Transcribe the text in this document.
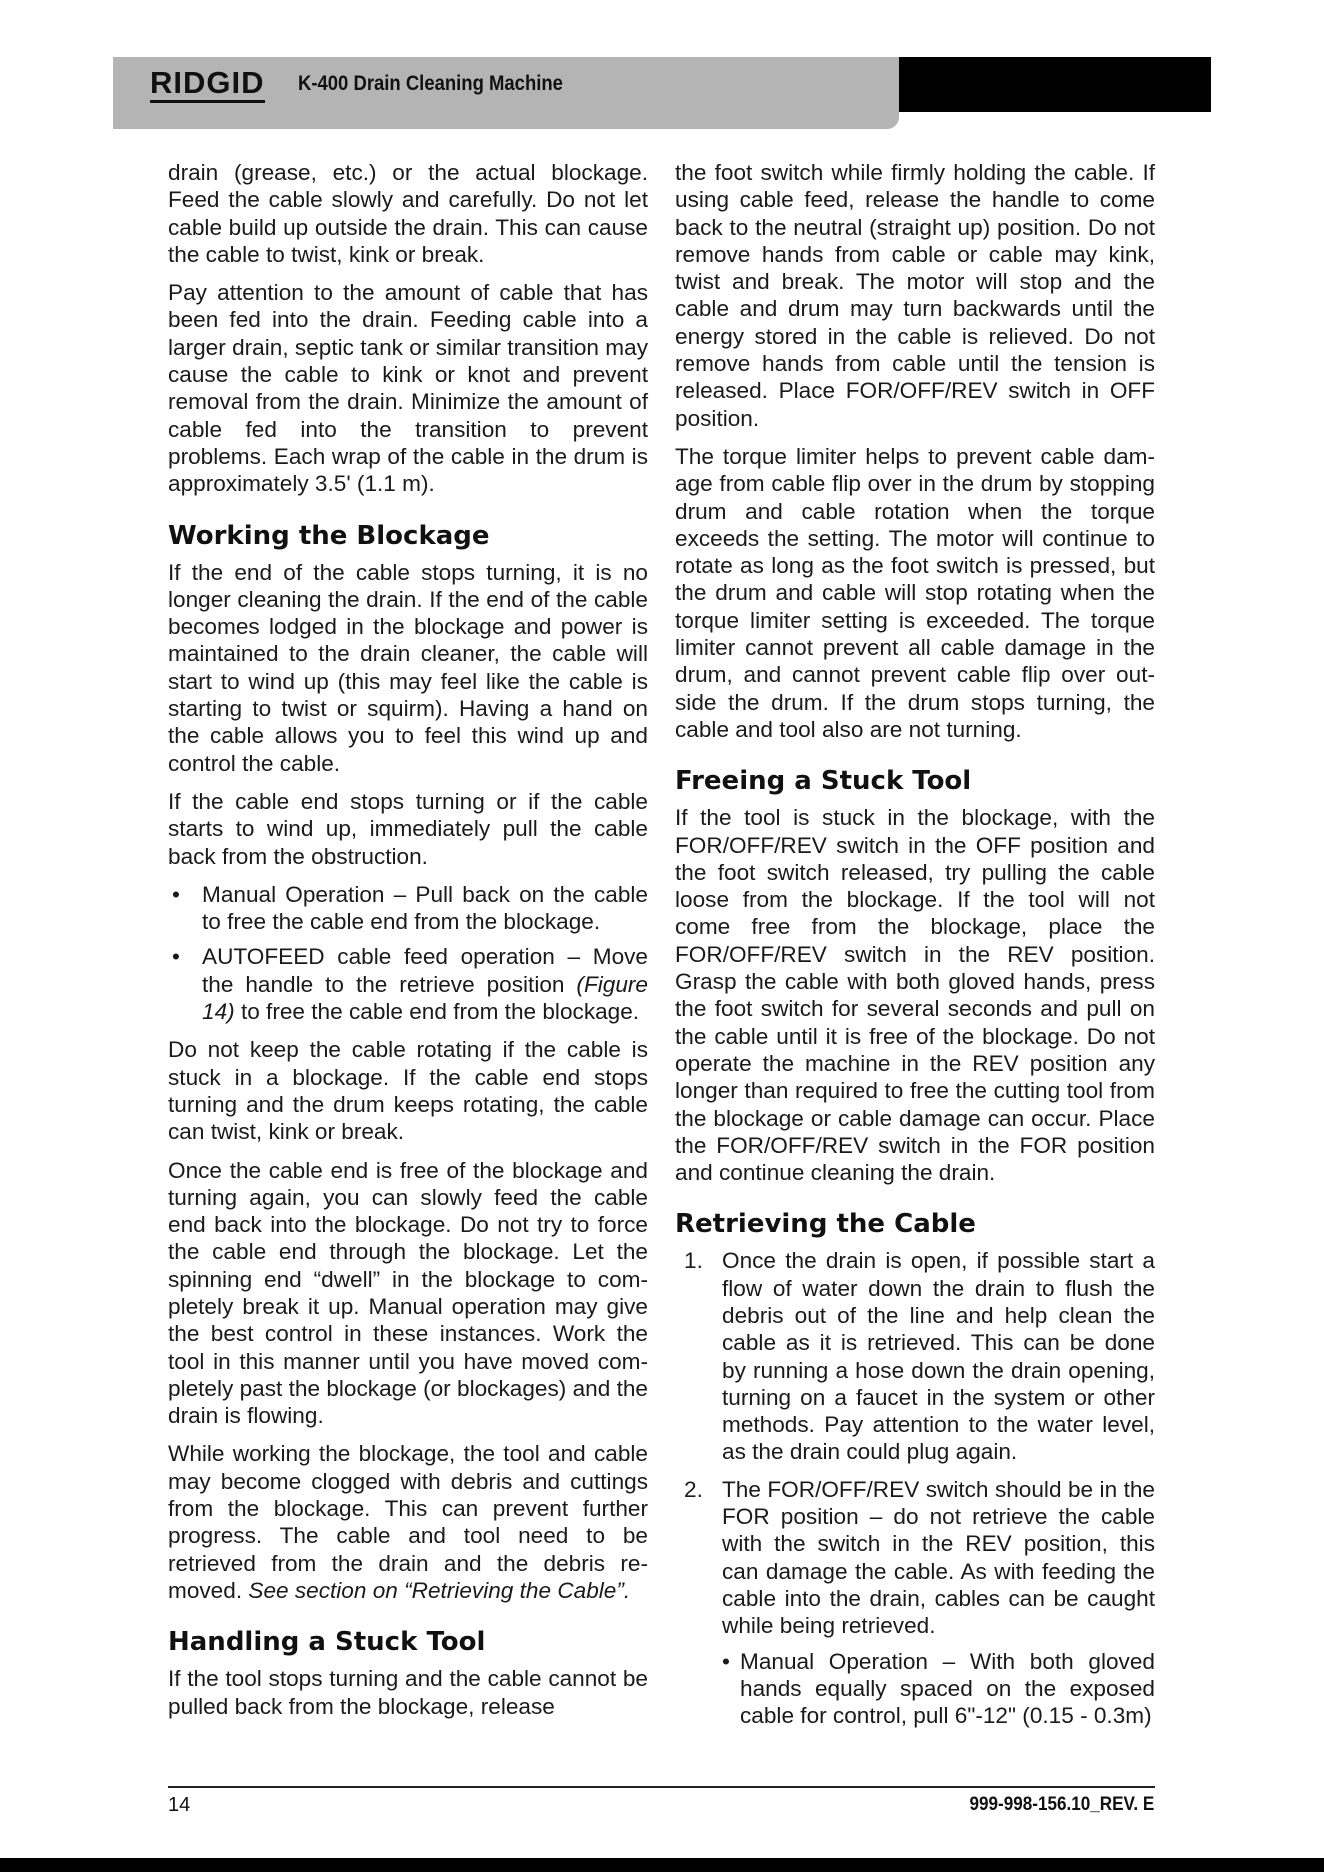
RIDGID K-400 Drain Cleaning Machine

drain (grease, etc.) or the actual blockage. Feed the cable slowly and carefully. Do not let cable build up outside the drain. This can cause the cable to twist, kink or break.

Pay attention to the amount of cable that has been fed into the drain. Feeding cable into a larger drain, septic tank or similar transition may cause the cable to kink or knot and prevent removal from the drain. Minimize the amount of cable fed into the transition to prevent problems. Each wrap of the cable in the drum is approximately 3.5' (1.1 m).

Working the Blockage

If the end of the cable stops turning, it is no longer cleaning the drain. If the end of the cable becomes lodged in the blockage and power is maintained to the drain cleaner, the cable will start to wind up (this may feel like the cable is starting to twist or squirm). Having a hand on the cable allows you to feel this wind up and control the cable.

If the cable end stops turning or if the cable starts to wind up, immediately pull the cable back from the obstruction.

• Manual Operation – Pull back on the cable to free the cable end from the blockage.
• AUTOFEED cable feed operation – Move the handle to the retrieve position (Figure 14) to free the cable end from the blockage.

Do not keep the cable rotating if the cable is stuck in a blockage. If the cable end stops turning and the drum keeps rotating, the cable can twist, kink or break.

Once the cable end is free of the blockage and turning again, you can slowly feed the cable end back into the blockage. Do not try to force the cable end through the blockage. Let the spinning end “dwell” in the blockage to completely break it up. Manual operation may give the best control in these instances. Work the tool in this manner until you have moved completely past the blockage (or blockages) and the drain is flowing.

While working the blockage, the tool and cable may become clogged with debris and cuttings from the blockage. This can prevent further progress. The cable and tool need to be retrieved from the drain and the debris removed. See section on “Retrieving the Cable”.

Handling a Stuck Tool

If the tool stops turning and the cable cannot be pulled back from the blockage, release

the foot switch while firmly holding the cable. If using cable feed, release the handle to come back to the neutral (straight up) position. Do not remove hands from cable or cable may kink, twist and break. The motor will stop and the cable and drum may turn backwards until the energy stored in the cable is relieved. Do not remove hands from cable until the tension is released. Place FOR/OFF/REV switch in OFF position.

The torque limiter helps to prevent cable damage from cable flip over in the drum by stopping drum and cable rotation when the torque exceeds the setting. The motor will continue to rotate as long as the foot switch is pressed, but the drum and cable will stop rotating when the torque limiter setting is exceeded. The torque limiter cannot prevent all cable damage in the drum, and cannot prevent cable flip over outside the drum. If the drum stops turning, the cable and tool also are not turning.

Freeing a Stuck Tool

If the tool is stuck in the blockage, with the FOR/OFF/REV switch in the OFF position and the foot switch released, try pulling the cable loose from the blockage. If the tool will not come free from the blockage, place the FOR/OFF/REV switch in the REV position. Grasp the cable with both gloved hands, press the foot switch for several seconds and pull on the cable until it is free of the blockage. Do not operate the machine in the REV position any longer than required to free the cutting tool from the blockage or cable damage can occur. Place the FOR/OFF/REV switch in the FOR position and continue cleaning the drain.

Retrieving the Cable
1. Once the drain is open, if possible start a flow of water down the drain to flush the debris out of the line and help clean the cable as it is retrieved. This can be done by running a hose down the drain opening, turning on a faucet in the system or other methods. Pay attention to the water level, as the drain could plug again.
2. The FOR/OFF/REV switch should be in the FOR position – do not retrieve the cable with the switch in the REV position, this can damage the cable. As with feeding the cable into the drain, cables can be caught while being retrieved.
• Manual Operation – With both gloved hands equally spaced on the exposed cable for control, pull 6"-12" (0.15 - 0.3m)
14	999-998-156.10_REV. E
